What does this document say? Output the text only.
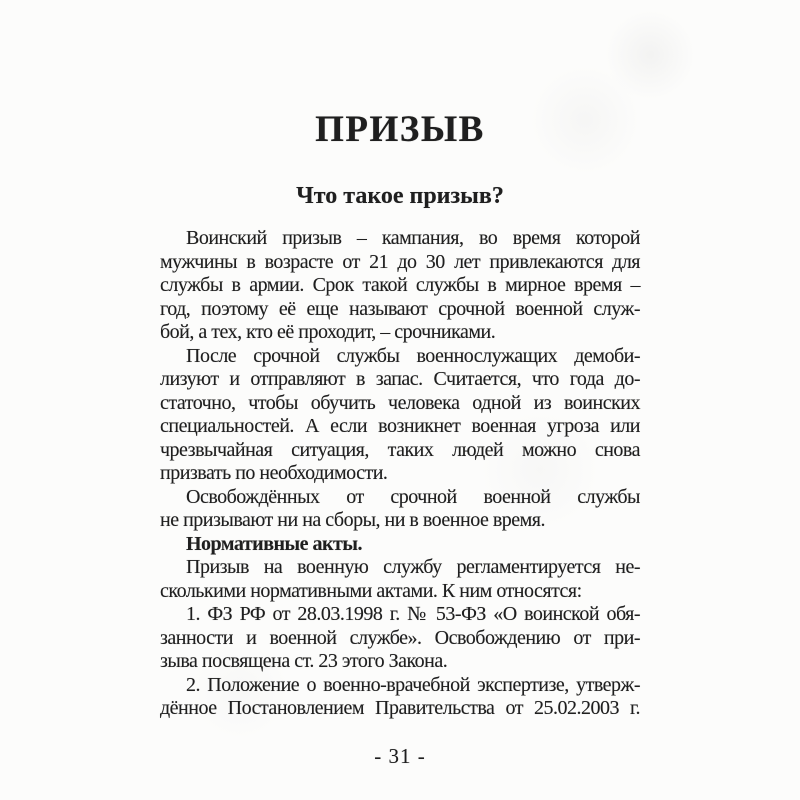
ПРИЗЫВ
Что такое призыв?
Воинский призыв – кампания, во время которой
мужчины в возрасте от 21 до 30 лет привлекаются для
службы в армии. Срок такой службы в мирное время –
год, поэтому её еще называют срочной военной служ-
бой, а тех, кто её проходит, – срочниками.
После срочной службы военнослужащих демоби-
лизуют и отправляют в запас. Считается, что года до-
статочно, чтобы обучить человека одной из воинских
специальностей. А если возникнет военная угроза или
чрезвычайная ситуация, таких людей можно снова
призвать по необходимости.
Освобождённых от срочной военной службы
не призывают ни на сборы, ни в военное время.
Нормативные акты.
Призыв на военную службу регламентируется не-
сколькими нормативными актами. К ним относятся:
1. ФЗ РФ от 28.03.1998 г. № 53-ФЗ «О воинской обя-
занности и военной службе». Освобождению от при-
зыва посвящена ст. 23 этого Закона.
2. Положение о военно-врачебной экспертизе, утверж-
дённое Постановлением Правительства от 25.02.2003 г.
- 31 -
